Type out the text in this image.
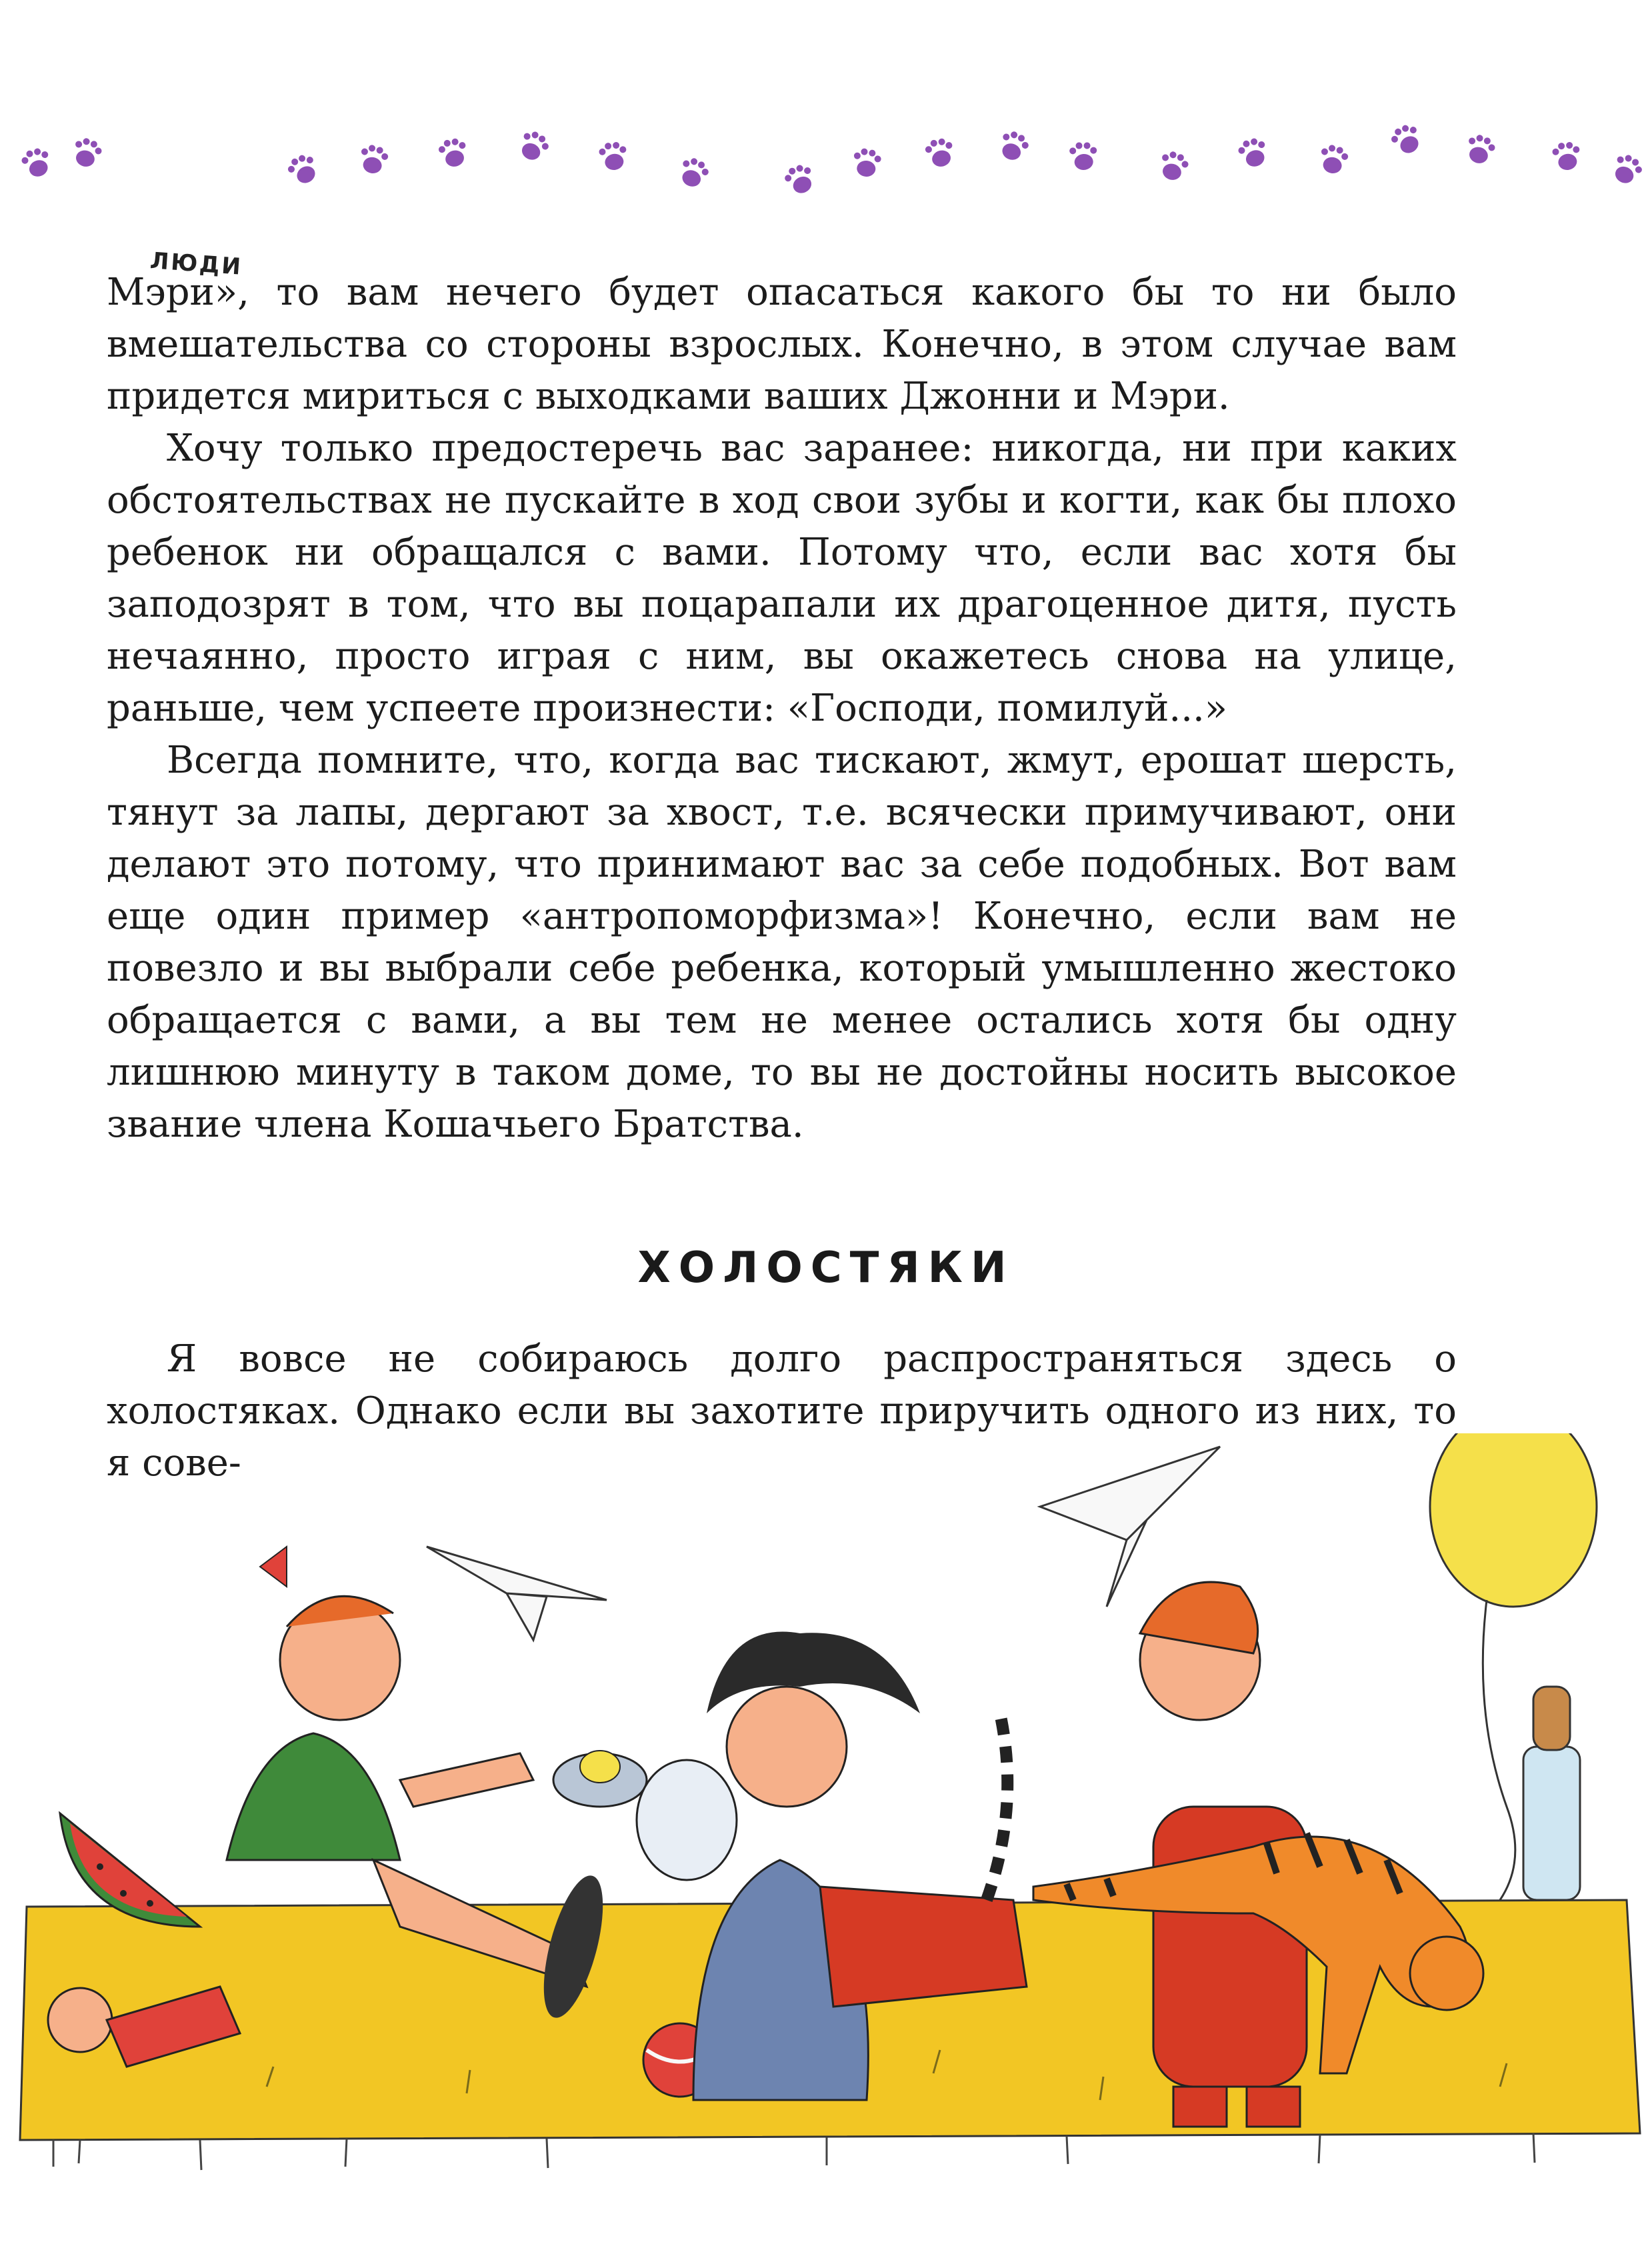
ЛЮДИ

Мэри», то вам нечего будет опасаться какого бы то ни было вмешательства со стороны взрослых. Конечно, в этом случае вам придется мириться с выходками ваших Джонни и Мэри.

Хочу только предостеречь вас заранее: никогда, ни при каких обстоятельствах не пускайте в ход свои зубы и когти, как бы плохо ребенок ни обращался с вами. Потому что, если вас хотя бы заподозрят в том, что вы поцарапали их драгоценное дитя, пусть нечаянно, просто играя с ним, вы окажетесь снова на улице, раньше, чем успеете произнести: «Господи, помилуй...»

Всегда помните, что, когда вас тискают, жмут, ерошат шерсть, тянут за лапы, дергают за хвост, т.е. всячески примучивают, они делают это потому, что принимают вас за себе подобных. Вот вам еще один пример «антропоморфизма»! Конечно, если вам не повезло и вы выбрали себе ребенка, который умышленно жестоко обращается с вами, а вы тем не менее остались хотя бы одну лишнюю минуту в таком доме, то вы не достойны носить высокое звание члена Кошачьего Братства.

ХОЛОСТЯКИ

Я вовсе не собираюсь долго распространяться здесь о холостяках. Однако если вы захотите приручить одного из них, то я сове-
